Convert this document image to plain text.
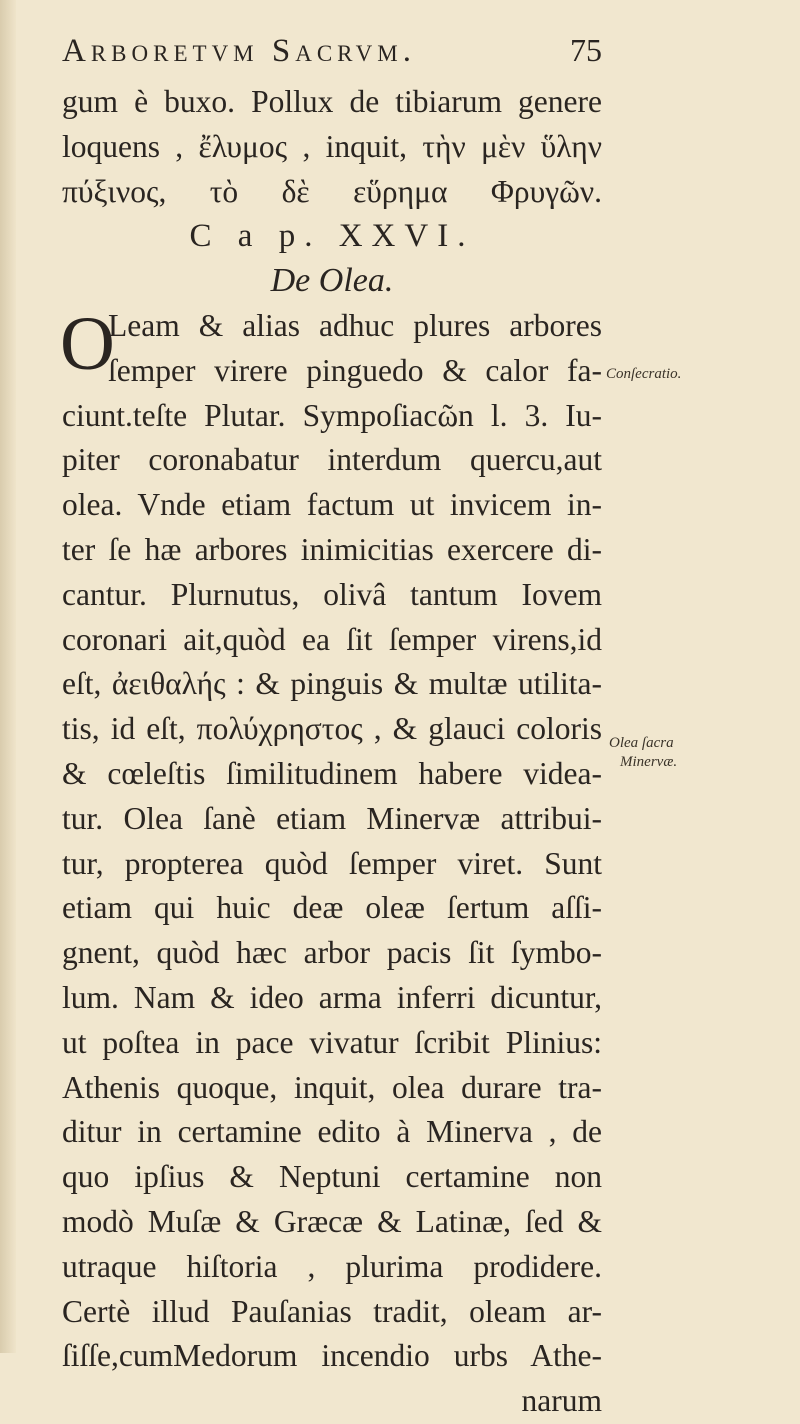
Arboretvm Sacrvm.	75
gum è buxo. Pollux de tibiarum genere
loquens , ἔλυμος , inquit, τὴν μὲν ὕλην
πύξινος, τὸ δὲ εὕρημα Φρυγῶν.
C a p. XXVI.
De Olea.
O
Leam & alias adhuc plures arbores
ſemper virere pinguedo & calor fa-
ciunt.teſte Plutar. Sympoſiacῶn l. 3. Iu-
piter coronabatur interdum quercu,aut
olea. Vnde etiam factum ut invicem in-
ter ſe hæ arbores inimicitias exercere di-
cantur. Plurnutus, olivâ tantum Iovem
coronari ait,quòd ea ſit ſemper virens,id
eſt, ἀειθαλής : & pinguis & multæ utilita-
tis, id eſt, πολύχρηστος , & glauci coloris
& cœleſtis ſimilitudinem habere videa-
tur. Olea ſanè etiam Minervæ attribui-
tur, propterea quòd ſemper viret. Sunt
etiam qui huic deæ oleæ ſertum aſſi-
gnent, quòd hæc arbor pacis ſit ſymbo-
lum. Nam & ideo arma inferri dicuntur,
ut poſtea in pace vivatur ſcribit Plinius:
Athenis quoque, inquit, olea durare tra-
ditur in certamine edito à Minerva , de
quo ipſius & Neptuni certamine non
modò Muſæ & Græcæ & Latinæ, ſed &
utraque hiſtoria , plurima prodidere.
Certè illud Pauſanias tradit, oleam ar-
ſiſſe,cumMedorum incendio urbs Athe-
narum
Conſecratio.
Olea ſacra
Minervæ.
